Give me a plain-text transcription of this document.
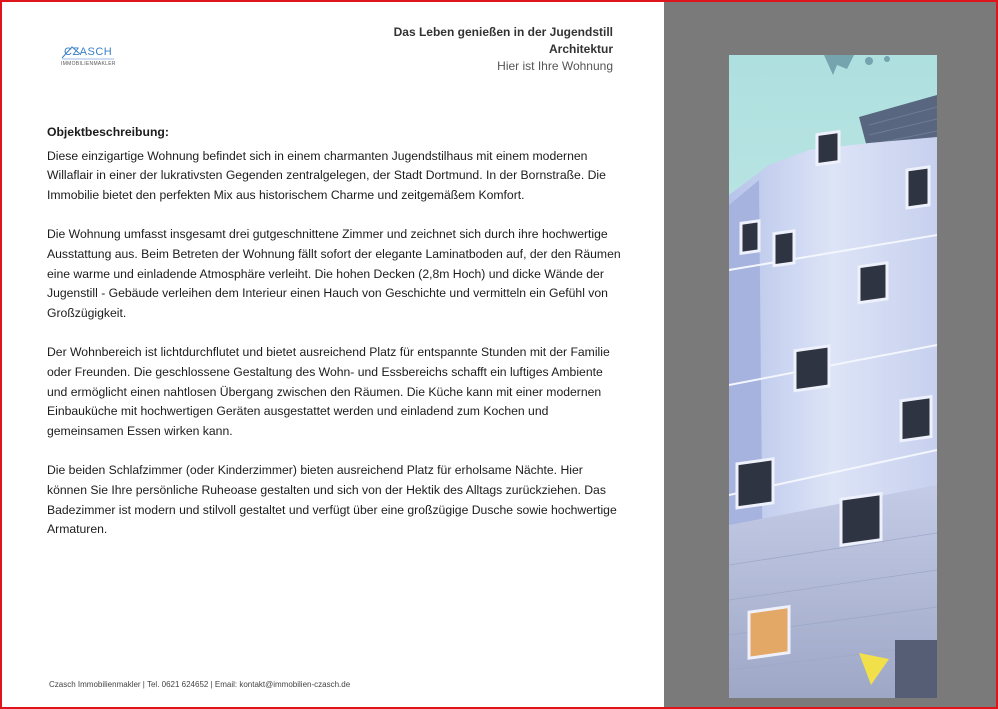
CZASCH
IMMOBILIENMAKLER
Das Leben genießen in der Jugendstill
Architektur
Hier ist Ihre Wohnung
Objektbeschreibung:

Diese einzigartige Wohnung befindet sich in einem charmanten Jugendstilhaus mit einem modernen Willaflair in einer der lukrativsten Gegenden zentralgelegen, der Stadt Dortmund. In der Bornstraße. Die Immobilie bietet den perfekten Mix aus historischem Charme und zeitgemäßem Komfort.

Die Wohnung umfasst insgesamt drei gutgeschnittene Zimmer und zeichnet sich durch ihre hochwertige Ausstattung aus. Beim Betreten der Wohnung fällt sofort der elegante Laminatboden auf, der den Räumen eine warme und einladende Atmosphäre verleiht. Die hohen Decken (2,8m Hoch) und dicke Wände der Jugenstill - Gebäude verleihen dem Interieur einen Hauch von Geschichte und vermitteln ein Gefühl von Großzügigkeit.

Der Wohnbereich ist lichtdurchflutet und bietet ausreichend Platz für entspannte Stunden mit der Familie oder Freunden. Die geschlossene Gestaltung des Wohn- und Essbereichs schafft ein luftiges Ambiente und ermöglicht einen nahtlosen Übergang zwischen den Räumen. Die Küche kann mit einer modernen Einbauküche mit hochwertigen Geräten ausgestattet werden und einladend zum Kochen und gemeinsamen Essen wirken kann.

Die beiden Schlafzimmer (oder Kinderzimmer) bieten ausreichend Platz für erholsame Nächte. Hier können Sie Ihre persönliche Ruheoase gestalten und sich von der Hektik des Alltags zurückziehen. Das Badezimmer ist modern und stilvoll gestaltet und verfügt über eine großzügige Dusche sowie hochwertige Armaturen.

Czasch Immobilienmakler | Tel. 0621 624652 | Email: kontakt@immobilien-czasch.de
